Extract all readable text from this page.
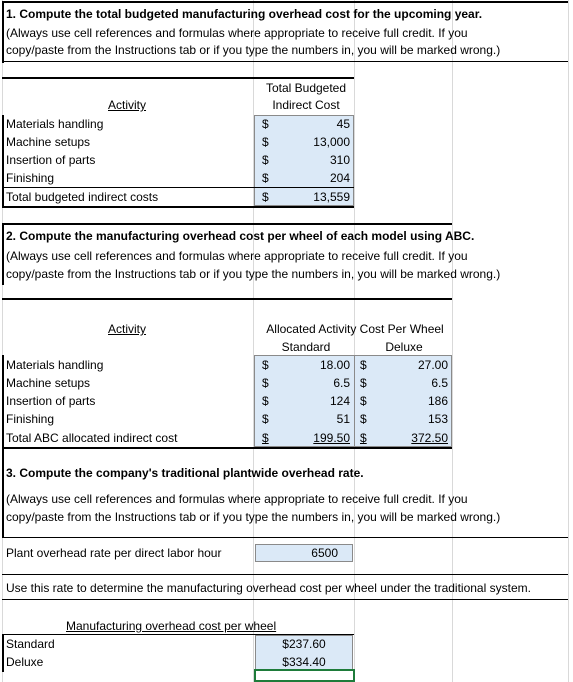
1. Compute the total budgeted manufacturing overhead cost for the upcoming year.
(Always use cell references and formulas where appropriate to receive full credit. If you
copy/paste from the Instructions tab or if you type the numbers in, you will be marked wrong.)
Total Budgeted
Activity	Indirect Cost
Materials handling	$	45
Machine setups	$	13,000
Insertion of parts	$	310
Finishing	$	204
Total budgeted indirect costs	$	13,559
2. Compute the manufacturing overhead cost per wheel of each model using ABC.
(Always use cell references and formulas where appropriate to receive full credit. If you
copy/paste from the Instructions tab or if you type the numbers in, you will be marked wrong.)
Activity	Allocated Activity Cost Per Wheel
Standard	Deluxe
Materials handling	$	18.00 $	27.00
Machine setups	$	6.5 $	6.5
Insertion of parts	$	124 $	186
Finishing	$	51 $	153
Total ABC allocated indirect cost	$	199.50 $	372.50
3. Compute the company's traditional plantwide overhead rate.
(Always use cell references and formulas where appropriate to receive full credit. If you
copy/paste from the Instructions tab or if you type the numbers in, you will be marked wrong.)
Plant overhead rate per direct labor hour	6500
Use this rate to determine the manufacturing overhead cost per wheel under the traditional system.
Manufacturing overhead cost per wheel
Standard	$237.60
Deluxe	$334.40
